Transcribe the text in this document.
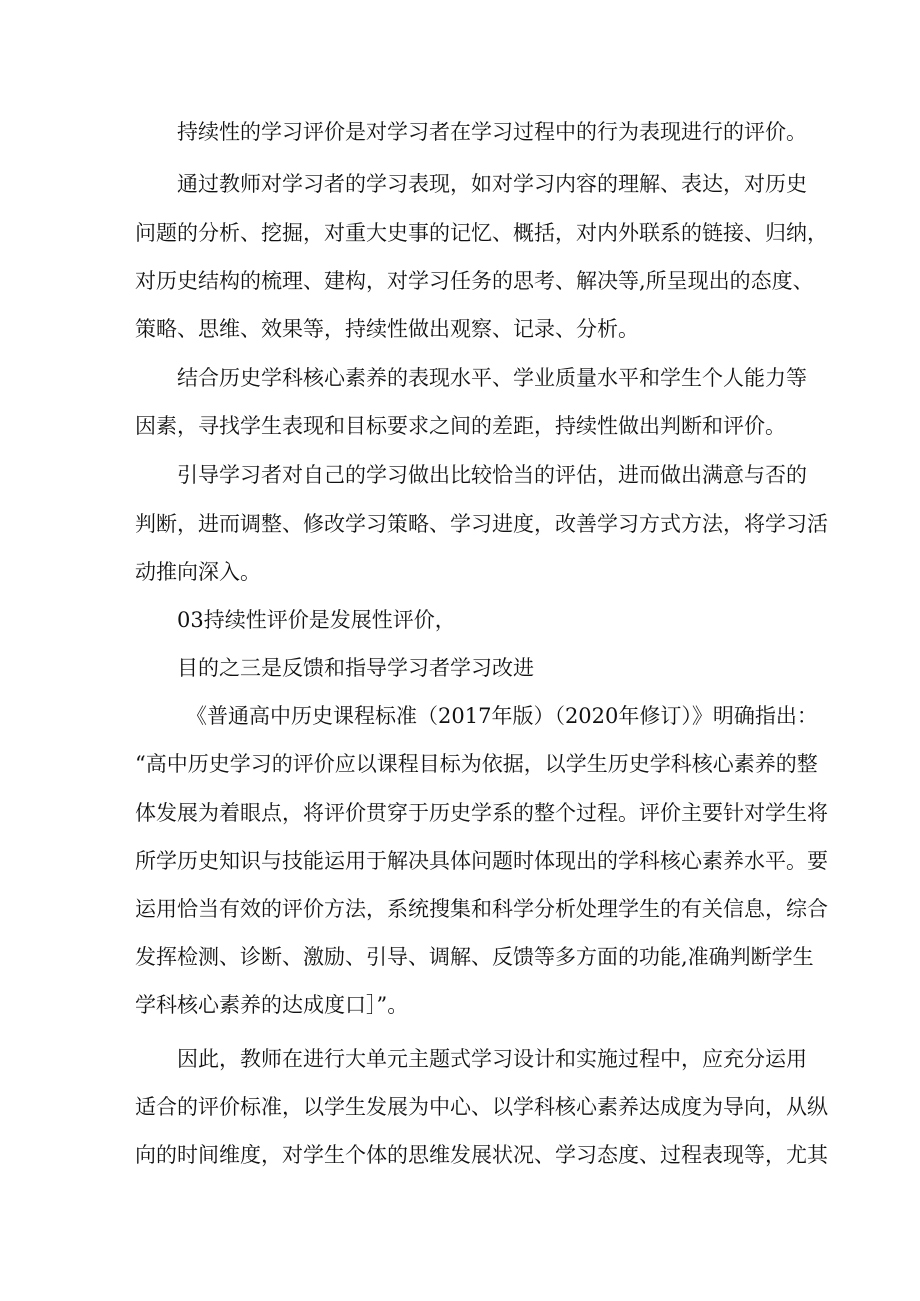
持续性的学习评价是对学习者在学习过程中的行为表现进行的评价。
通过教师对学习者的学习表现，如对学习内容的理解、表达，对历史
问题的分析、挖掘，对重大史事的记忆、概括，对内外联系的链接、归纳，
对历史结构的梳理、建构，对学习任务的思考、解决等,所呈现出的态度、
策略、思维、效果等，持续性做出观察、记录、分析。
结合历史学科核心素养的表现水平、学业质量水平和学生个人能力等
因素，寻找学生表现和目标要求之间的差距，持续性做出判断和评价。
引导学习者对自己的学习做出比较恰当的评估，进而做出满意与否的
判断，进而调整、修改学习策略、学习进度，改善学习方式方法，将学习活
动推向深入。
03持续性评价是发展性评价，
目的之三是反馈和指导学习者学习改进
《普通高中历史课程标准（2017年版）（2020年修订）》明确指出：
“高中历史学习的评价应以课程目标为依据，以学生历史学科核心素养的整
体发展为着眼点，将评价贯穿于历史学系的整个过程。评价主要针对学生将
所学历史知识与技能运用于解决具体问题时体现出的学科核心素养水平。要
运用恰当有效的评价方法，系统搜集和科学分析处理学生的有关信息，综合
发挥检测、诊断、激励、引导、调解、反馈等多方面的功能,准确判断学生
学科核心素养的达成度口］”。
因此，教师在进行大单元主题式学习设计和实施过程中，应充分运用
适合的评价标准，以学生发展为中心、以学科核心素养达成度为导向，从纵
向的时间维度，对学生个体的思维发展状况、学习态度、过程表现等，尤其
